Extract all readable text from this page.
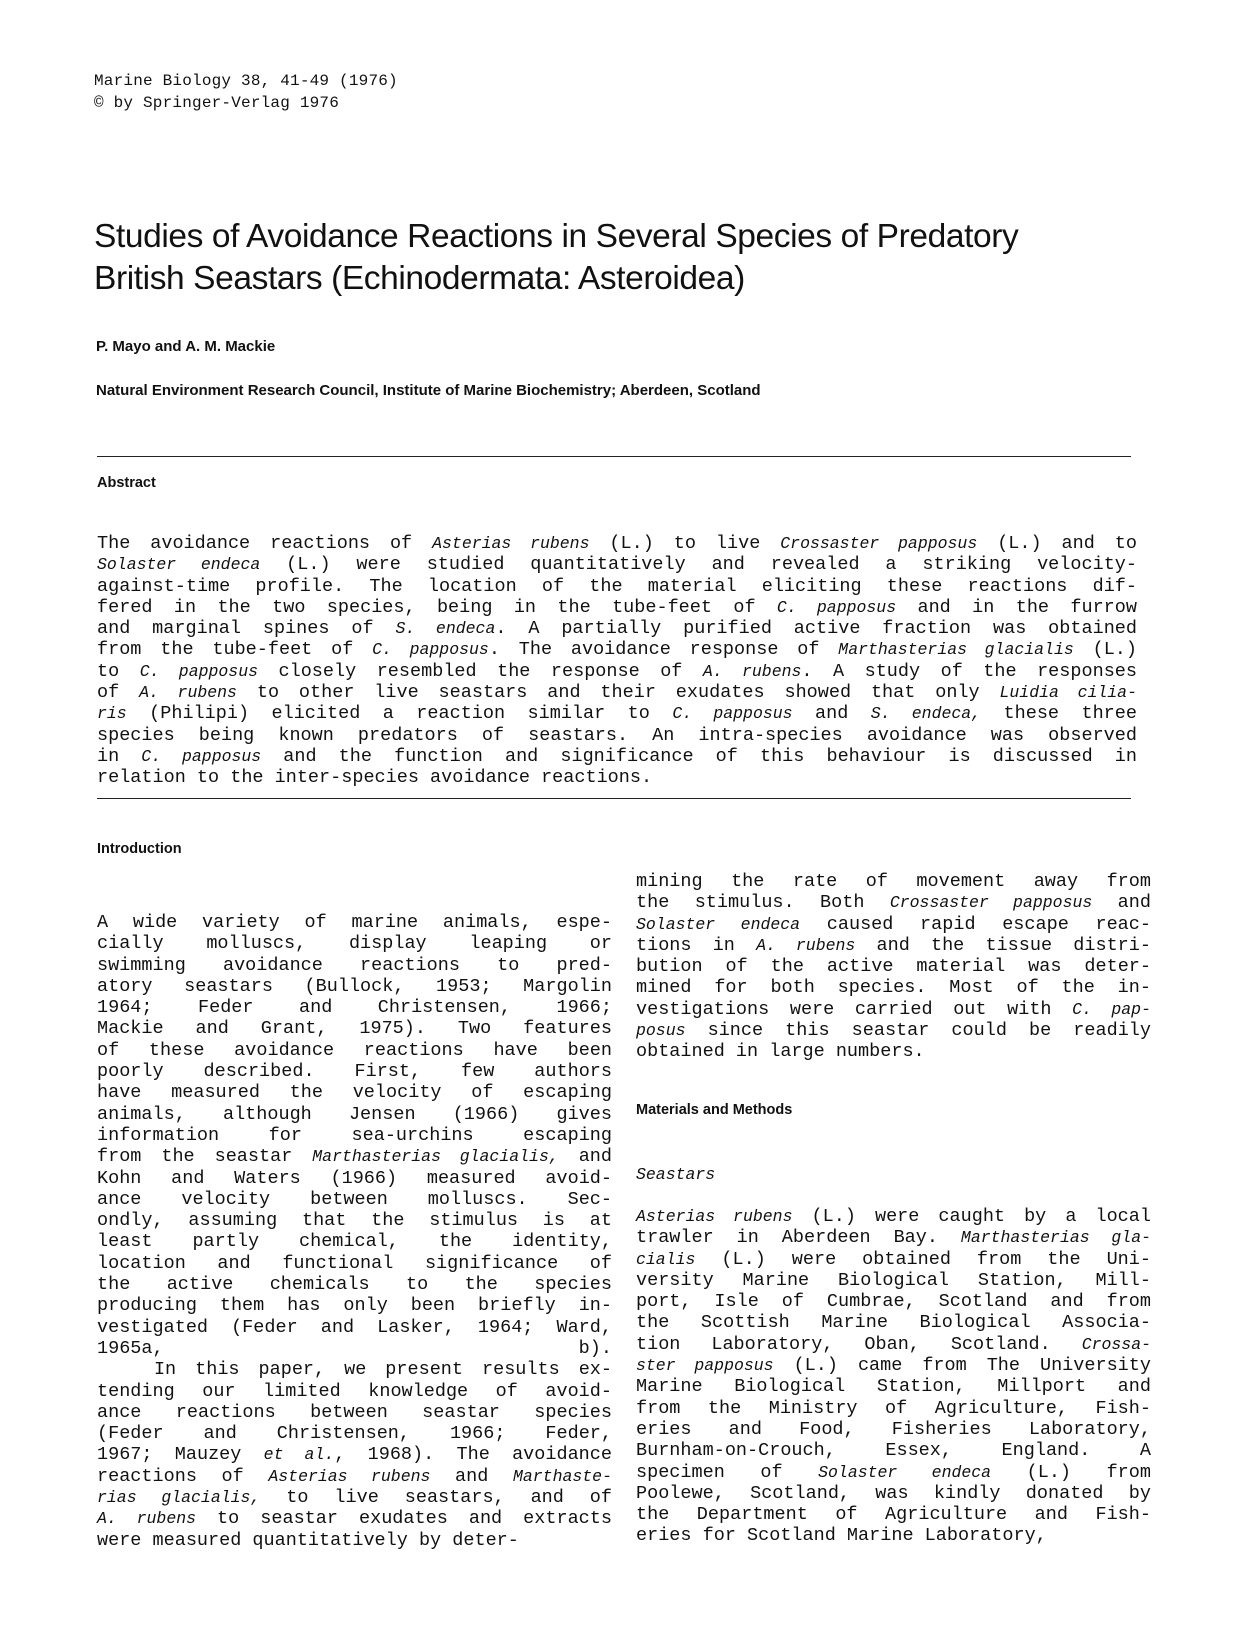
Marine Biology 38, 41-49 (1976)
© by Springer-Verlag 1976
Studies of Avoidance Reactions in Several Species of Predatory
British Seastars (Echinodermata: Asteroidea)
P. Mayo and A. M. Mackie
Natural Environment Research Council, Institute of Marine Biochemistry; Aberdeen, Scotland
Abstract
The avoidance reactions of Asterias rubens (L.) to live Crossaster papposus (L.) and to
Solaster endeca (L.) were studied quantitatively and revealed a striking velocity-
against-time profile. The location of the material eliciting these reactions dif-
fered in the two species, being in the tube-feet of C. papposus and in the furrow
and marginal spines of S. endeca. A partially purified active fraction was obtained
from the tube-feet of C. papposus. The avoidance response of Marthasterias glacialis (L.)
to C. papposus closely resembled the response of A. rubens. A study of the responses
of A. rubens to other live seastars and their exudates showed that only Luidia cilia-
ris (Philipi) elicited a reaction similar to C. papposus and S. endeca, these three
species being known predators of seastars. An intra-species avoidance was observed
in C. papposus and the function and significance of this behaviour is discussed in
relation to the inter-species avoidance reactions.
Introduction
A wide variety of marine animals, espe-
cially molluscs, display leaping or
swimming avoidance reactions to pred-
atory seastars (Bullock, 1953; Margolin
1964; Feder and Christensen, 1966;
Mackie and Grant, 1975). Two features
of these avoidance reactions have been
poorly described. First, few authors
have measured the velocity of escaping
animals, although Jensen (1966) gives
information for sea-urchins escaping
from the seastar Marthasterias glacialis, and
Kohn and Waters (1966) measured avoid-
ance velocity between molluscs. Sec-
ondly, assuming that the stimulus is at
least partly chemical, the identity,
location and functional significance of
the active chemicals to the species
producing them has only been briefly in-
vestigated (Feder and Lasker, 1964; Ward,
1965a, b).
In this paper, we present results ex-
tending our limited knowledge of avoid-
ance reactions between seastar species
(Feder and Christensen, 1966; Feder,
1967; Mauzey et al., 1968). The avoidance
reactions of Asterias rubens and Marthaste-
rias glacialis, to live seastars, and of
A. rubens to seastar exudates and extracts
were measured quantitatively by deter-
mining the rate of movement away from
the stimulus. Both Crossaster papposus and
Solaster endeca caused rapid escape reac-
tions in A. rubens and the tissue distri-
bution of the active material was deter-
mined for both species. Most of the in-
vestigations were carried out with C. pap-
posus since this seastar could be readily
obtained in large numbers.
Materials and Methods
Seastars
Asterias rubens (L.) were caught by a local
trawler in Aberdeen Bay. Marthasterias gla-
cialis (L.) were obtained from the Uni-
versity Marine Biological Station, Mill-
port, Isle of Cumbrae, Scotland and from
the Scottish Marine Biological Associa-
tion Laboratory, Oban, Scotland. Crossa-
ster papposus (L.) came from The University
Marine Biological Station, Millport and
from the Ministry of Agriculture, Fish-
eries and Food, Fisheries Laboratory,
Burnham-on-Crouch, Essex, England. A
specimen of Solaster endeca (L.) from
Poolewe, Scotland, was kindly donated by
the Department of Agriculture and Fish-
eries for Scotland Marine Laboratory,
